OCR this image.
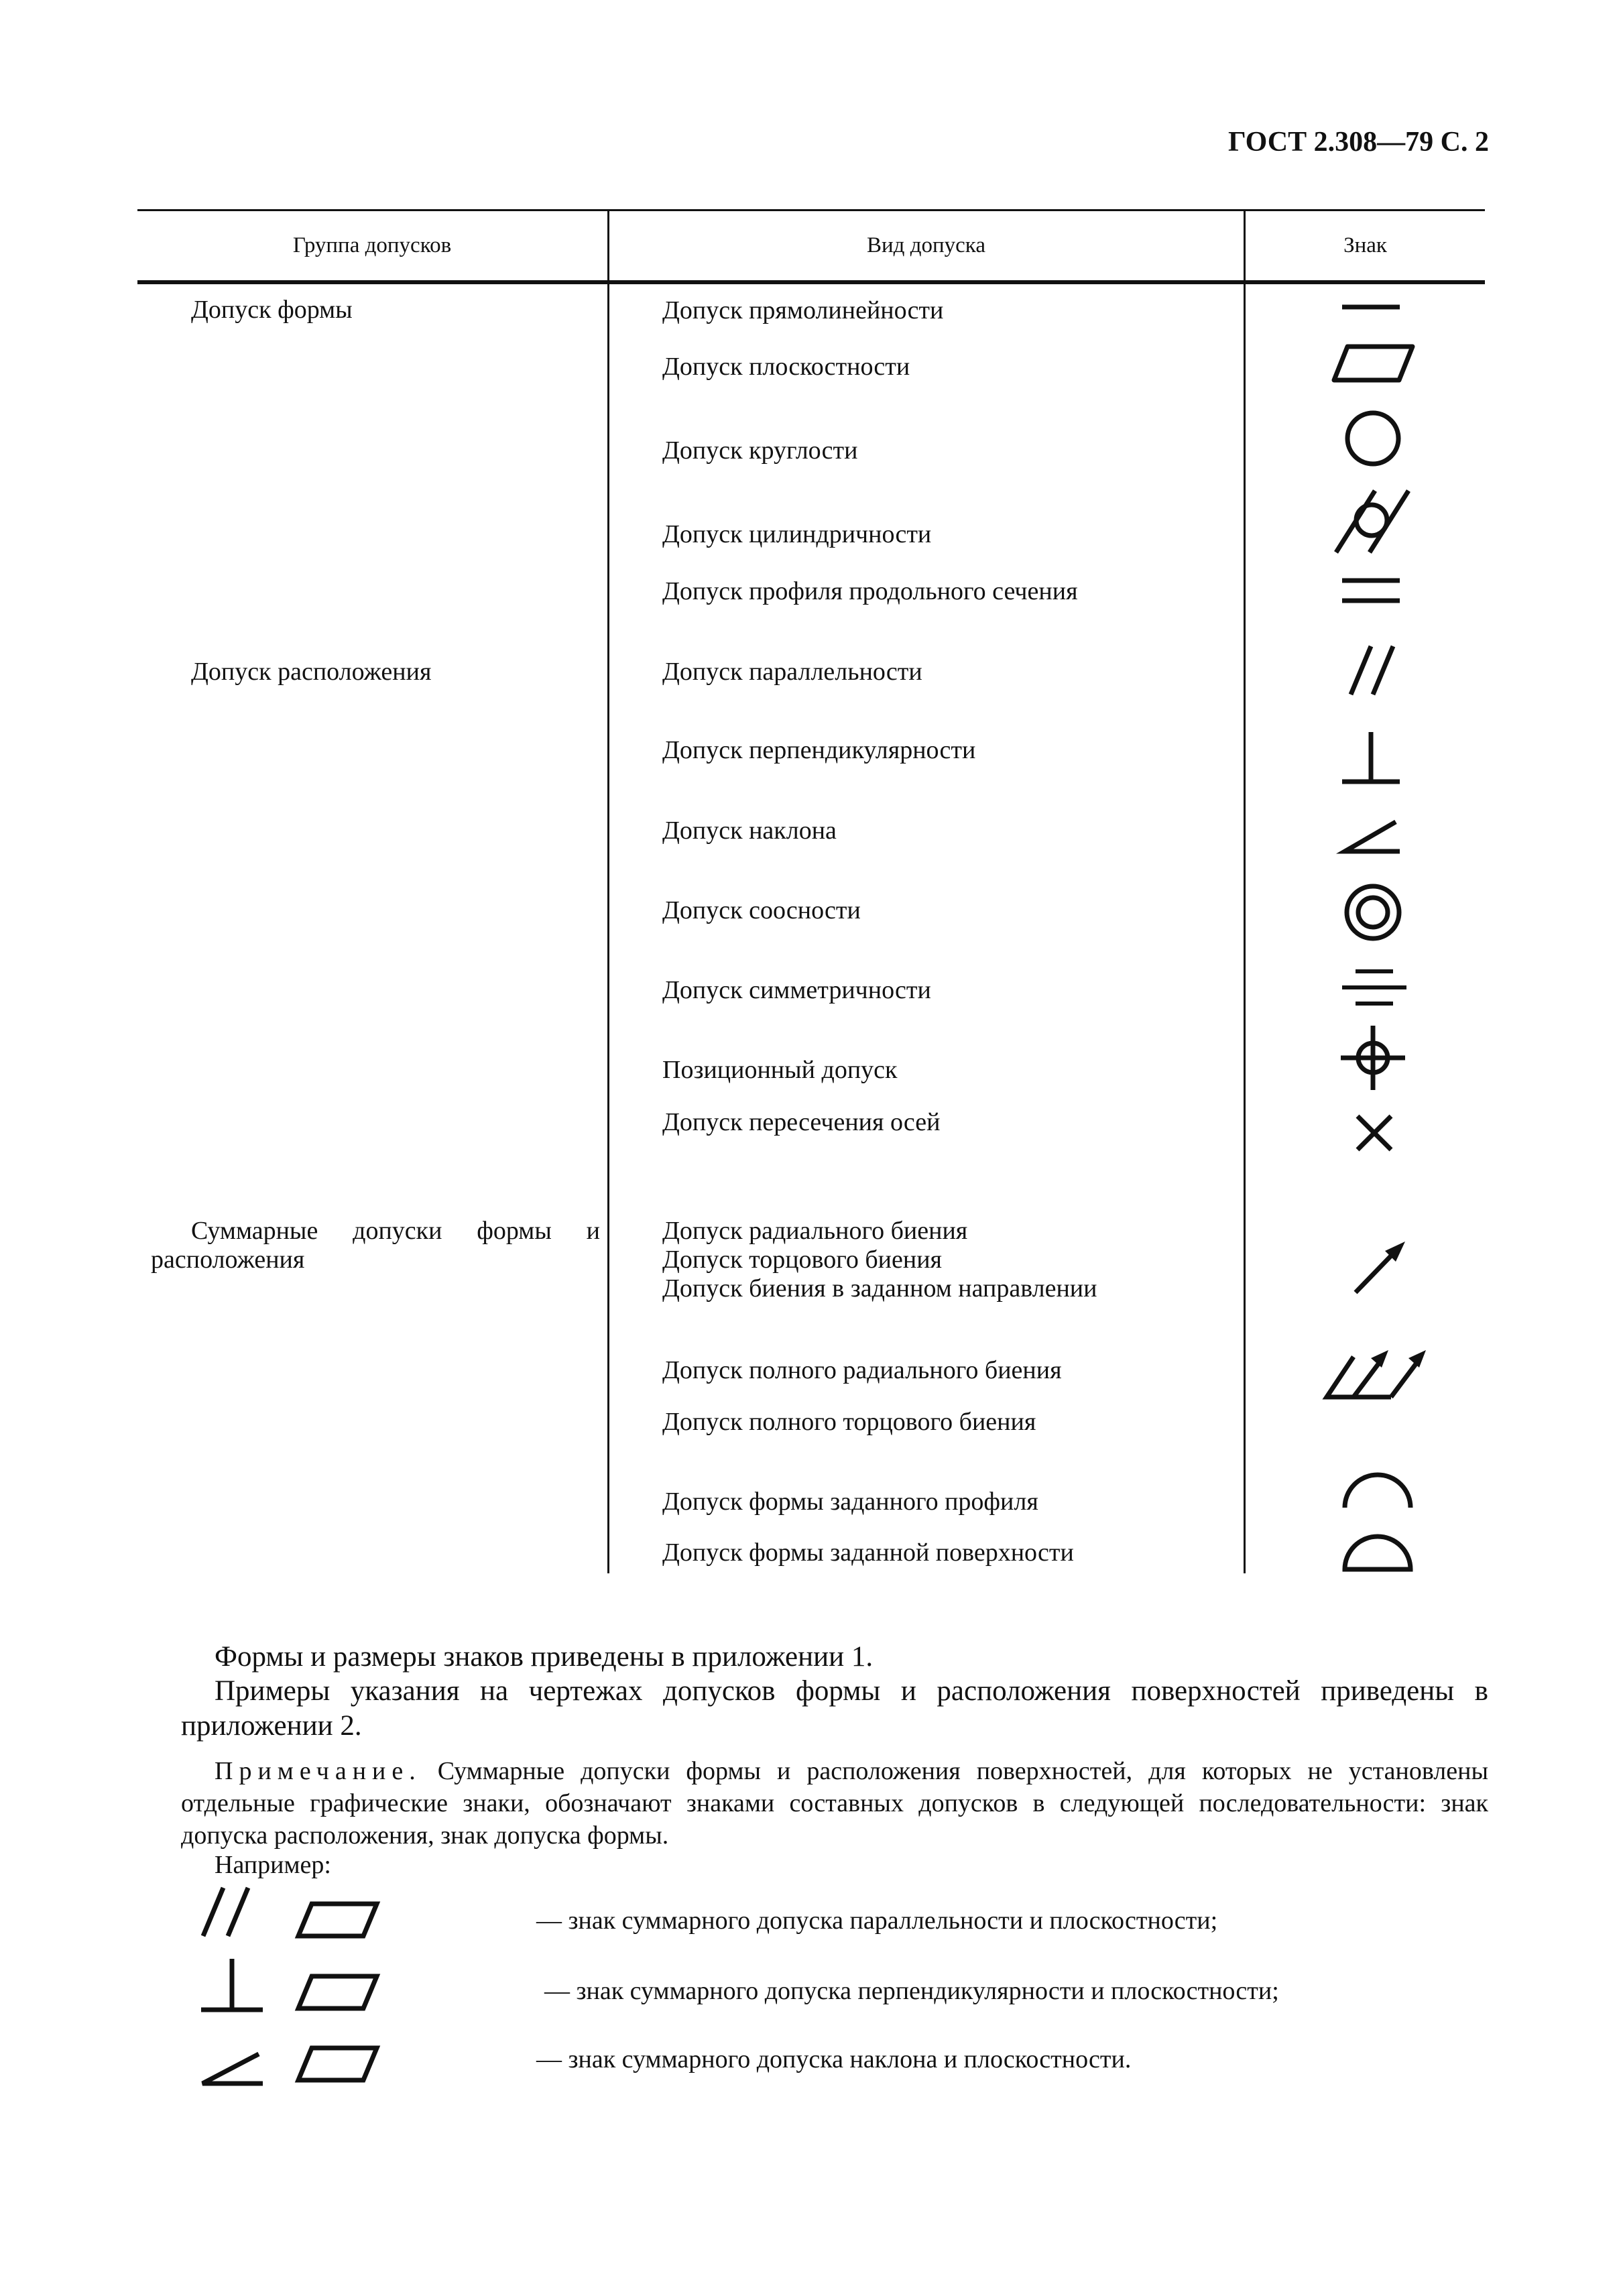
ГОСТ 2.308—79 С. 2
Группа допусков	Вид допуска	Знак
Допуск формы
Допуск расположения
Суммарные допуски формы и
расположения
Допуск прямолинейности
Допуск плоскостности
Допуск круглости
Допуск цилиндричности
Допуск профиля продольного сечения
Допуск параллельности
Допуск перпендикулярности
Допуск наклона
Допуск соосности
Допуск симметричности
Позиционный допуск
Допуск пересечения осей
Допуск радиального биения
Допуск торцового биения
Допуск биения в заданном направлении
Допуск полного радиального биения
Допуск полного торцового биения
Допуск формы заданного профиля
Допуск формы заданной поверхности
Формы и размеры знаков приведены в приложении 1.
Примеры указания на чертежах допусков формы и расположения поверхностей приведены в приложении 2.
Примечание. Суммарные допуски формы и расположения поверхностей, для которых не установлены отдельные графические знаки, обозначают знаками составных допусков в следующей последовательности: знак допуска расположения, знак допуска формы.
Например:
— знак суммарного допуска параллельности и плоскостности;
— знак суммарного допуска перпендикулярности и плоскостности;
— знак суммарного допуска наклона и плоскостности.
